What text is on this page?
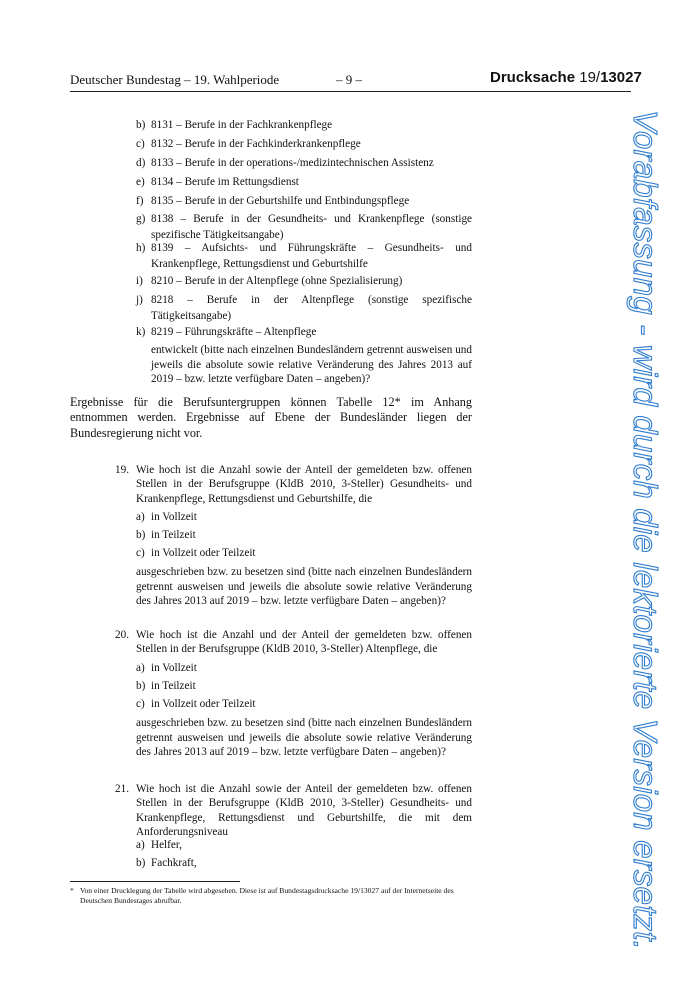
Deutscher Bundestag – 19. Wahlperiode	– 9 –	Drucksache 19/13027
b) 8131 – Berufe in der Fachkrankenpflege
c) 8132 – Berufe in der Fachkinderkrankenpflege
d) 8133 – Berufe in der operations-/medizintechnischen Assistenz
e) 8134 – Berufe im Rettungsdienst
f) 8135 – Berufe in der Geburtshilfe und Entbindungspflege
g) 8138 – Berufe in der Gesundheits- und Krankenpflege (sonstige spezifische Tätigkeitsangabe)
h) 8139 – Aufsichts- und Führungskräfte – Gesundheits- und Krankenpflege, Rettungsdienst und Geburtshilfe
i) 8210 – Berufe in der Altenpflege (ohne Spezialisierung)
j) 8218 – Berufe in der Altenpflege (sonstige spezifische Tätigkeitsangabe)
k) 8219 – Führungskräfte – Altenpflege
entwickelt (bitte nach einzelnen Bundesländern getrennt ausweisen und jeweils die absolute sowie relative Veränderung des Jahres 2013 auf 2019 – bzw. letzte verfügbare Daten – angeben)?
Ergebnisse für die Berufsuntergruppen können Tabelle 12* im Anhang entnommen werden. Ergebnisse auf Ebene der Bundesländer liegen der Bundesregierung nicht vor.
19. Wie hoch ist die Anzahl sowie der Anteil der gemeldeten bzw. offenen Stellen in der Berufsgruppe (KldB 2010, 3-Steller) Gesundheits- und Krankenpflege, Rettungsdienst und Geburtshilfe, die
a) in Vollzeit
b) in Teilzeit
c) in Vollzeit oder Teilzeit
ausgeschrieben bzw. zu besetzen sind (bitte nach einzelnen Bundesländern getrennt ausweisen und jeweils die absolute sowie relative Veränderung des Jahres 2013 auf 2019 – bzw. letzte verfügbare Daten – angeben)?
20. Wie hoch ist die Anzahl und der Anteil der gemeldeten bzw. offenen Stellen in der Berufsgruppe (KldB 2010, 3-Steller) Altenpflege, die
a) in Vollzeit
b) in Teilzeit
c) in Vollzeit oder Teilzeit
ausgeschrieben bzw. zu besetzen sind (bitte nach einzelnen Bundesländern getrennt ausweisen und jeweils die absolute sowie relative Veränderung des Jahres 2013 auf 2019 – bzw. letzte verfügbare Daten – angeben)?
21. Wie hoch ist die Anzahl sowie der Anteil der gemeldeten bzw. offenen Stellen in der Berufsgruppe (KldB 2010, 3-Steller) Gesundheits- und Krankenpflege, Rettungsdienst und Geburtshilfe, die mit dem Anforderungsniveau
a) Helfer,
b) Fachkraft,
* Von einer Drucklegung der Tabelle wird abgesehen. Diese ist auf Bundestagsdrucksache 19/13027 auf der Internetseite des Deutschen Bundestages abrufbar.	Vorabfassung - wird durch die lektorierte Version ersetzt.
